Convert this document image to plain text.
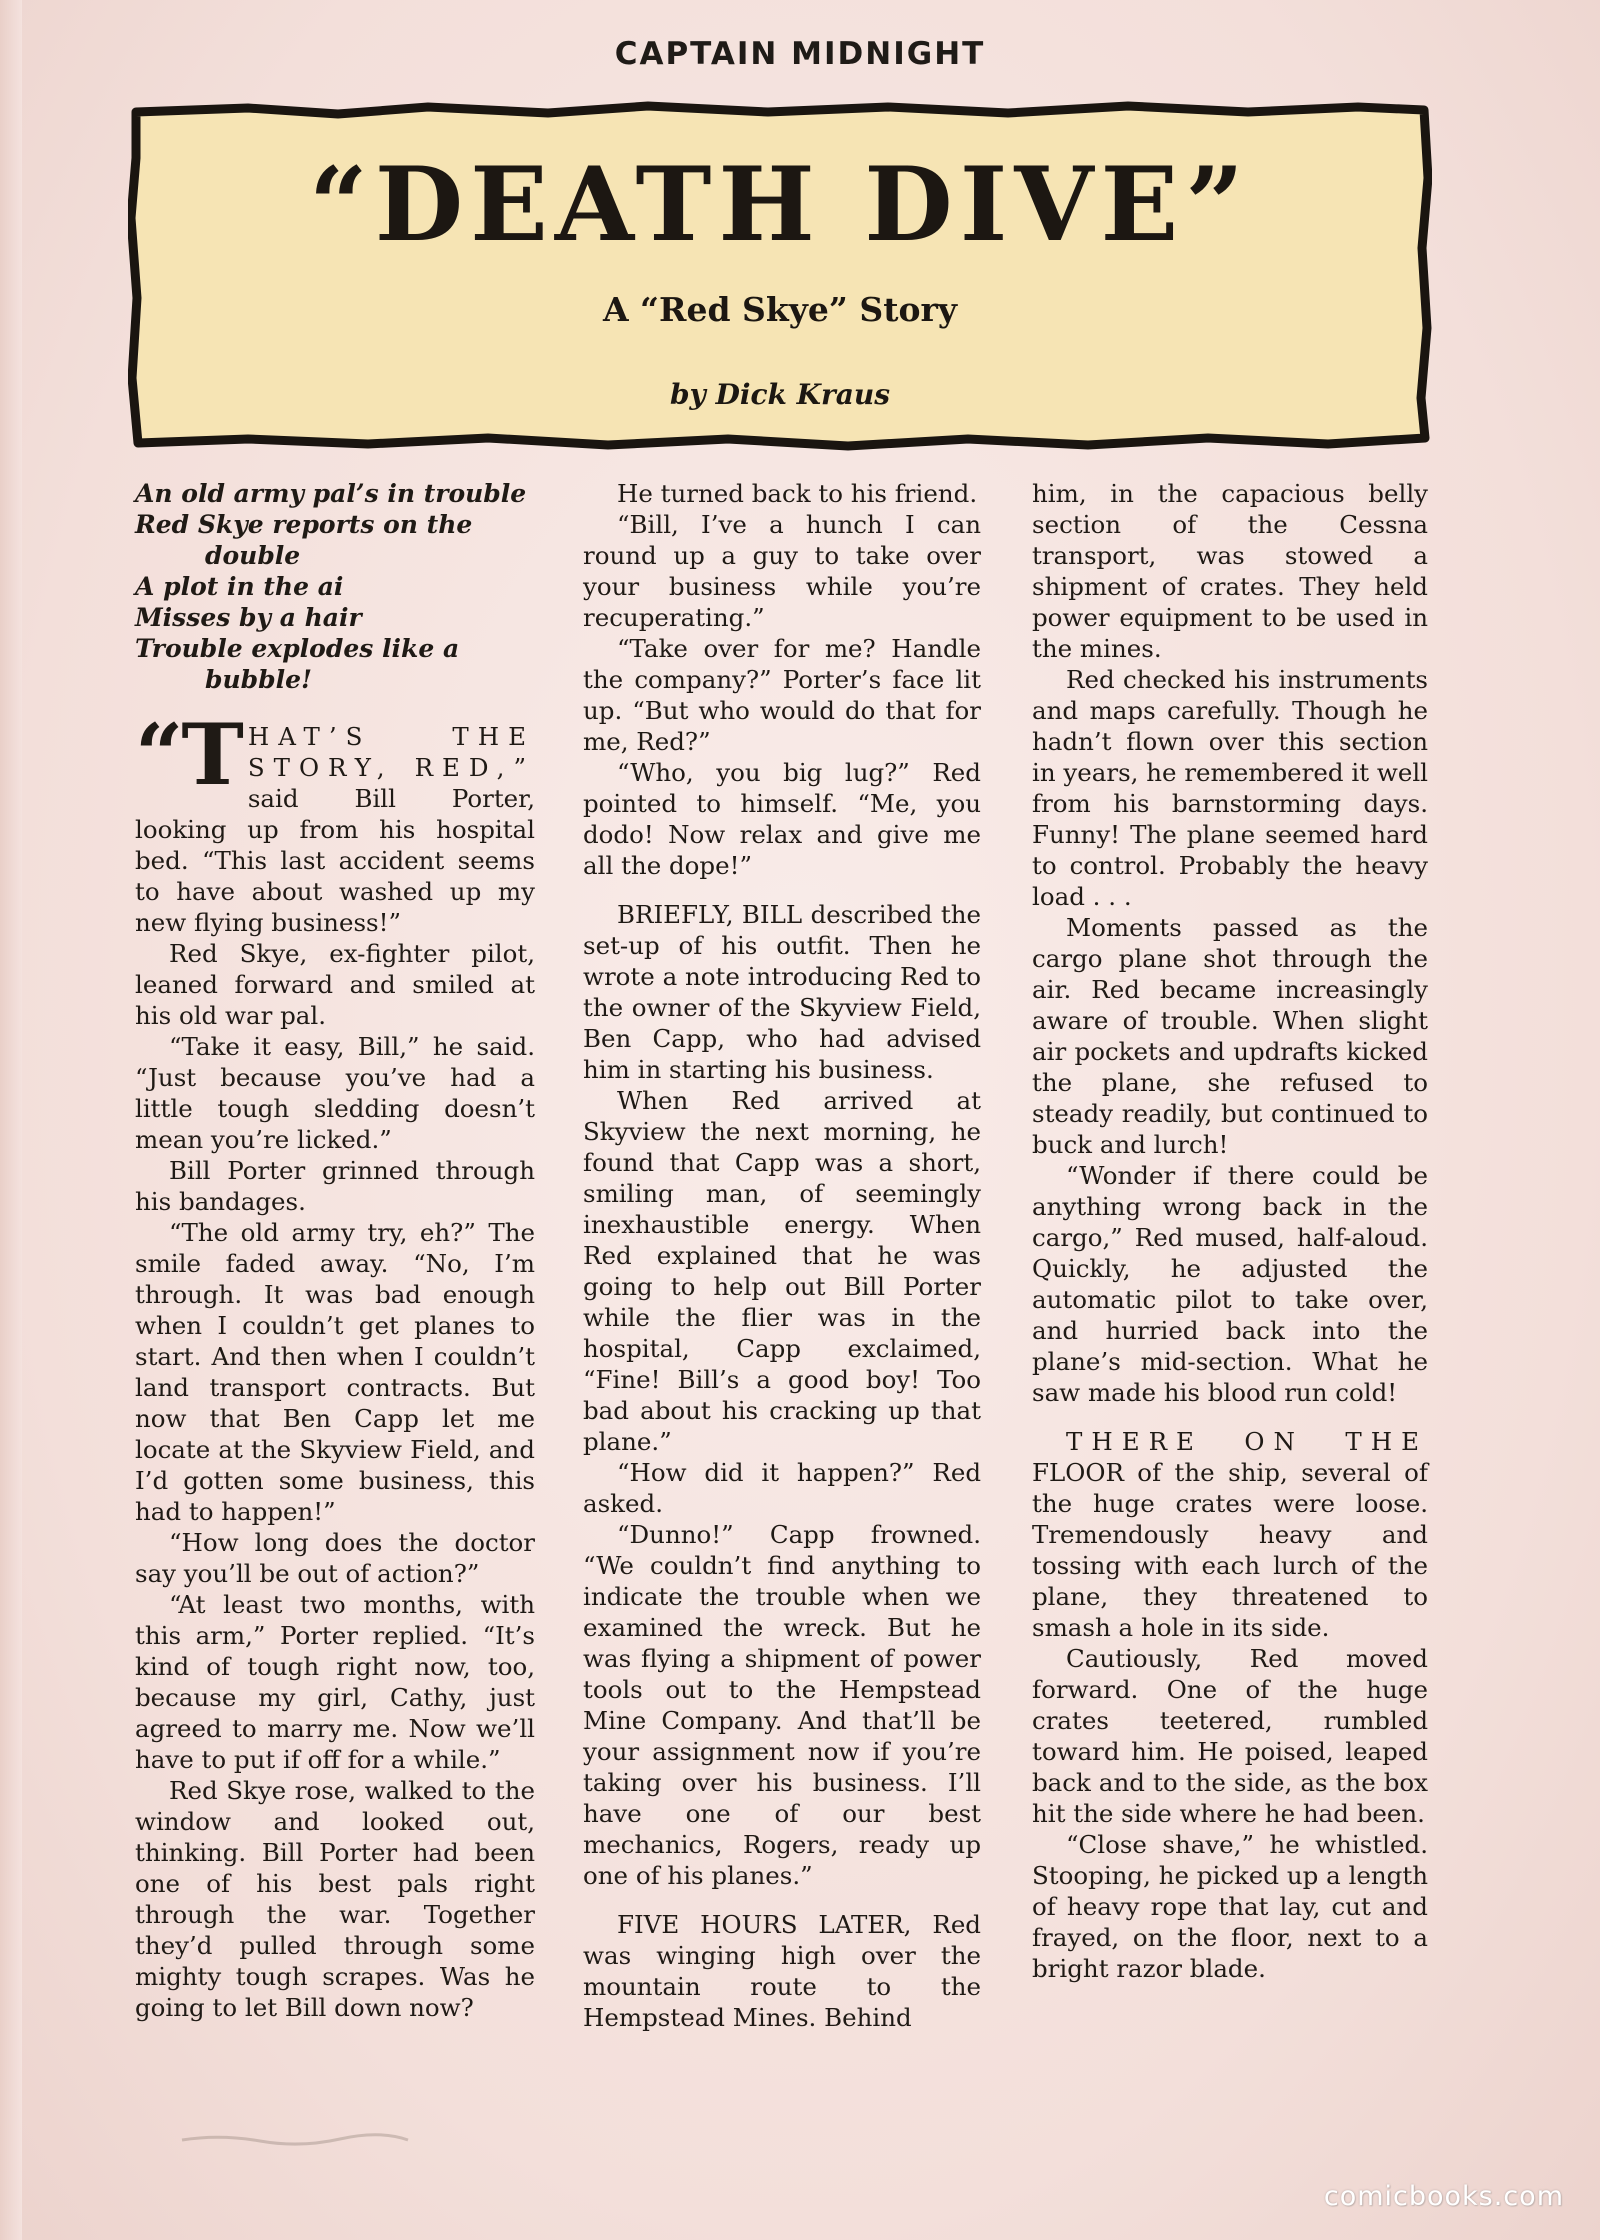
CAPTAIN MIDNIGHT
“DEATH DIVE”
A “Red Skye” Story
by Dick Kraus
An old army pal’s in trouble
Red Skye reports on the
double
A plot in the ai
Misses by a hair
Trouble explodes like a
bubble!

“THAT’S THE STORY, RED,” said Bill Porter, looking up from his hospital bed. “This last accident seems to have about washed up my new flying business!”

Red Skye, ex-fighter pilot, leaned forward and smiled at his old war pal.

“Take it easy, Bill,” he said. “Just because you’ve had a little tough sledding doesn’t mean you’re licked.”

Bill Porter grinned through his bandages.

“The old army try, eh?” The smile faded away. “No, I’m through. It was bad enough when I couldn’t get planes to start. And then when I couldn’t land transport contracts. But now that Ben Capp let me locate at the Skyview Field, and I’d gotten some business, this had to happen!”

“How long does the doctor say you’ll be out of action?”

“At least two months, with this arm,” Porter replied. “It’s kind of tough right now, too, because my girl, Cathy, just agreed to marry me. Now we’ll have to put if off for a while.”

Red Skye rose, walked to the window and looked out, thinking. Bill Porter had been one of his best pals right through the war. Together they’d pulled through some mighty tough scrapes. Was he going to let Bill down now?

He turned back to his friend.

“Bill, I’ve a hunch I can round up a guy to take over your business while you’re recuperating.”

“Take over for me? Handle the company?” Porter’s face lit up. “But who would do that for me, Red?”

“Who, you big lug?” Red pointed to himself. “Me, you dodo! Now relax and give me all the dope!”

BRIEFLY, BILL described the set-up of his outfit. Then he wrote a note introducing Red to the owner of the Skyview Field, Ben Capp, who had advised him in starting his business.

When Red arrived at Skyview the next morning, he found that Capp was a short, smiling man, of seemingly inexhaustible energy. When Red explained that he was going to help out Bill Porter while the flier was in the hospital, Capp exclaimed, “Fine! Bill’s a good boy! Too bad about his cracking up that plane.”

“How did it happen?” Red asked.

“Dunno!” Capp frowned. “We couldn’t find anything to indicate the trouble when we examined the wreck. But he was flying a shipment of power tools out to the Hempstead Mine Company. And that’ll be your assignment now if you’re taking over his business. I’ll have one of our best mechanics, Rogers, ready up one of his planes.”

FIVE HOURS LATER, Red was winging high over the mountain route to the Hempstead Mines. Behind

him, in the capacious belly section of the Cessna transport, was stowed a shipment of crates. They held power equipment to be used in the mines.

Red checked his instruments and maps carefully. Though he hadn’t flown over this section in years, he remembered it well from his barnstorming days. Funny! The plane seemed hard to control. Probably the heavy load . . .

Moments passed as the cargo plane shot through the air. Red became increasingly aware of trouble. When slight air pockets and updrafts kicked the plane, she refused to steady readily, but continued to buck and lurch!

“Wonder if there could be anything wrong back in the cargo,” Red mused, half-aloud. Quickly, he adjusted the automatic pilot to take over, and hurried back into the plane’s mid-section. What he saw made his blood run cold!

THERE ON THE FLOOR of the ship, several of the huge crates were loose. Tremendously heavy and tossing with each lurch of the plane, they threatened to smash a hole in its side.

Cautiously, Red moved forward. One of the huge crates teetered, rumbled toward him. He poised, leaped back and to the side, as the box hit the side where he had been.

“Close shave,” he whistled. Stooping, he picked up a length of heavy rope that lay, cut and frayed, on the floor, next to a bright razor blade.

comicbooks.com
